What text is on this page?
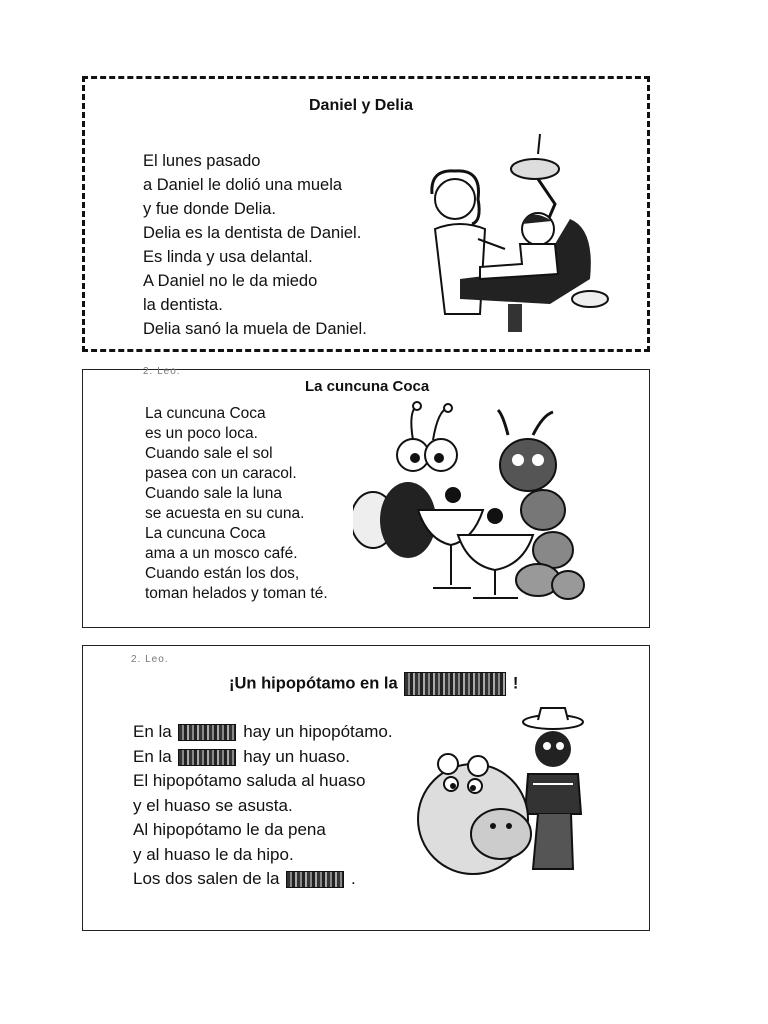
Daniel y Delia
El lunes pasado
a Daniel le dolió una muela
y fue donde Delia.
Delia es la dentista de Daniel.
Es linda y usa delantal.
A Daniel no le da miedo
la dentista.
Delia sanó la muela de Daniel.
2. Leo.
La cuncuna Coca
La cuncuna Coca
es un poco loca.
Cuando sale el sol
pasea con un caracol.
Cuando sale la luna
se acuesta en su cuna.
La cuncuna Coca
ama a un mosco café.
Cuando están los dos,
toman helados y toman té.
2. Leo.
¡Un hipopótamo en la	!
En la	hay un hipopótamo.
En la	hay un huaso.
El hipopótamo saluda al huaso
y el huaso se asusta.
Al hipopótamo le da pena
y al huaso le da hipo.
Los dos salen de la	.
